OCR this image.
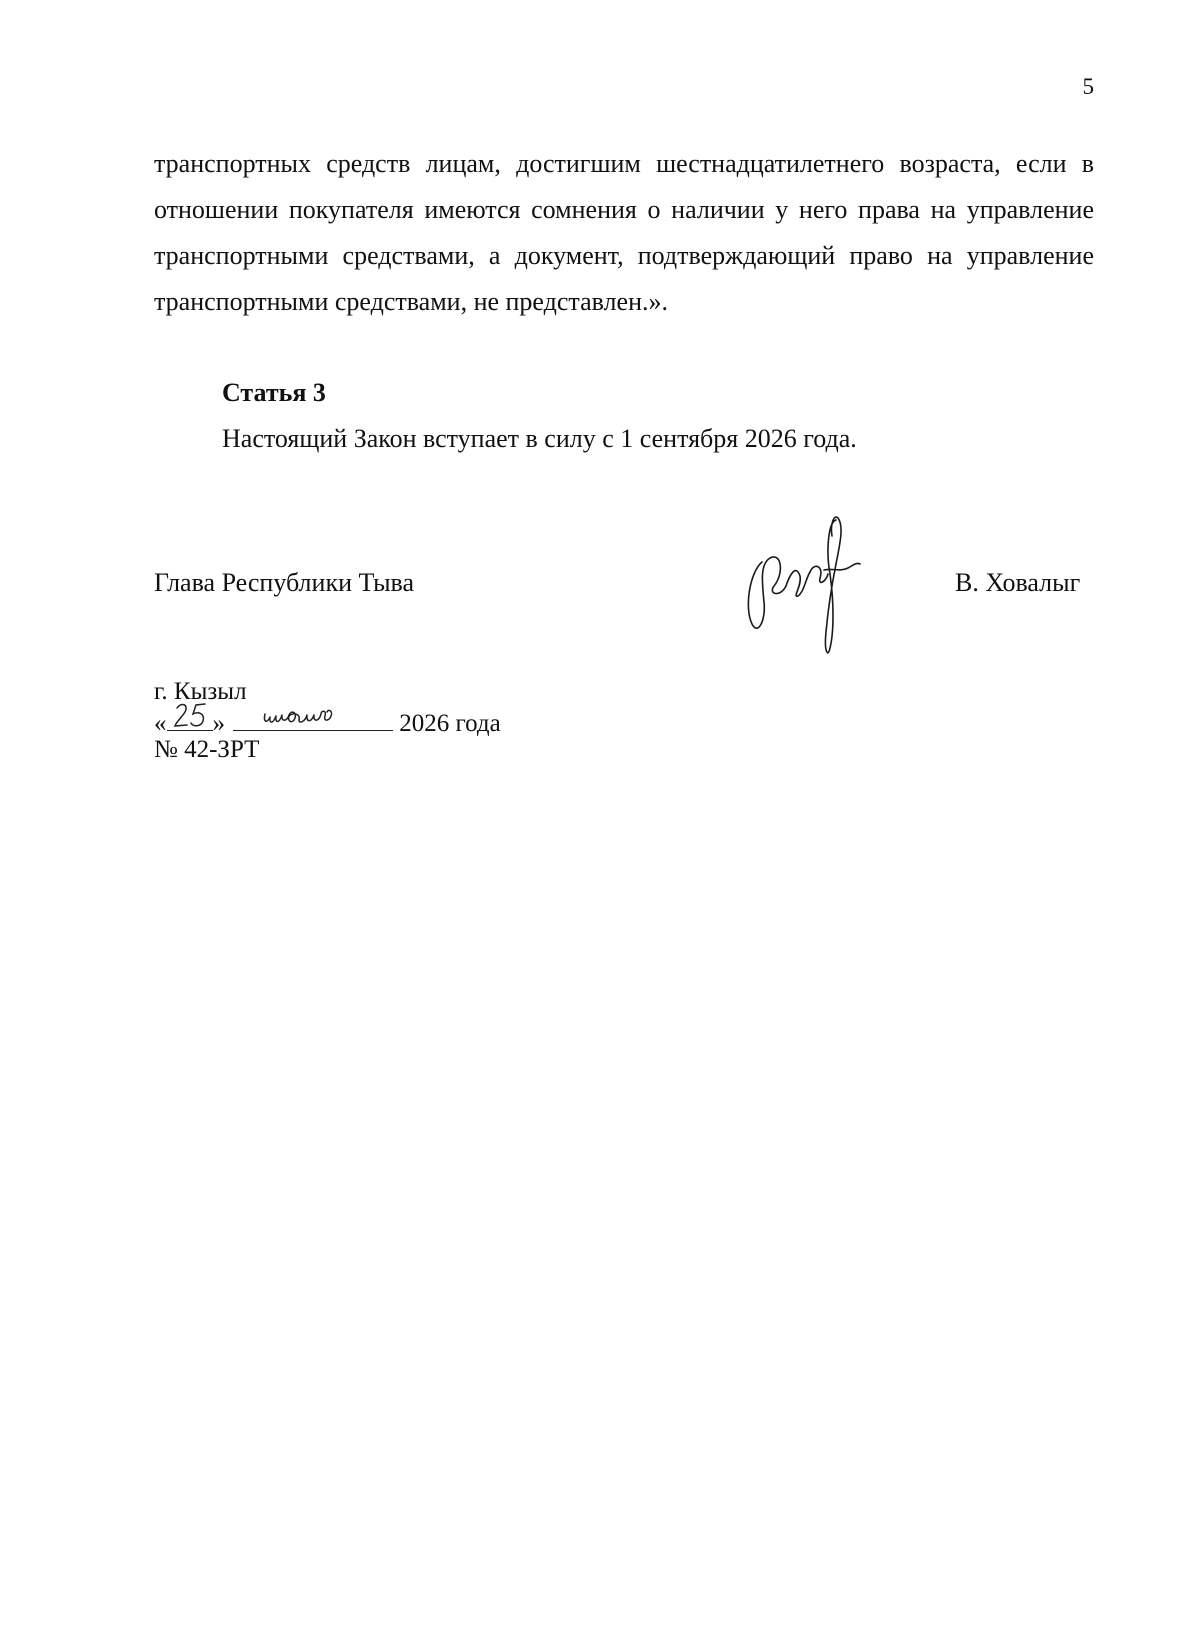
5

транспортных средств лицам, достигшим шестнадцатилетнего возраста, если в отношении покупателя имеются сомнения о наличии у него права на управление транспортными средствами, а документ, подтверждающий право на управление транспортными средствами, не представлен.».

Статья 3

Настоящий Закон вступает в силу с 1 сентября 2026 года.

Глава Республики Тыва	В. Ховалыг
г. Кызыл
« »	2026 года
№ 42-ЗРТ
